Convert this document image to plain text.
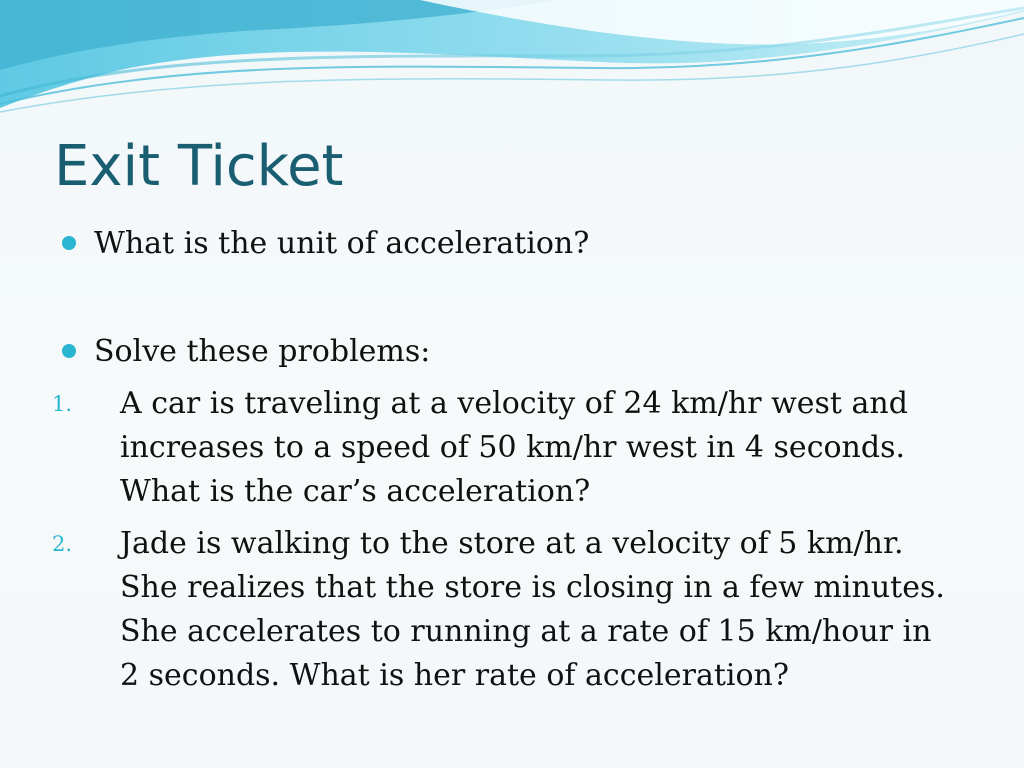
Exit Ticket
What is the unit of acceleration?
Solve these problems:
1. A car is traveling at a velocity of 24 km/hr west and
increases to a speed of 50 km/hr west in 4 seconds.
What is the car’s acceleration?
2. Jade is walking to the store at a velocity of 5 km/hr.
She realizes that the store is closing in a few minutes.
She accelerates to running at a rate of 15 km/hour in
2 seconds. What is her rate of acceleration?
